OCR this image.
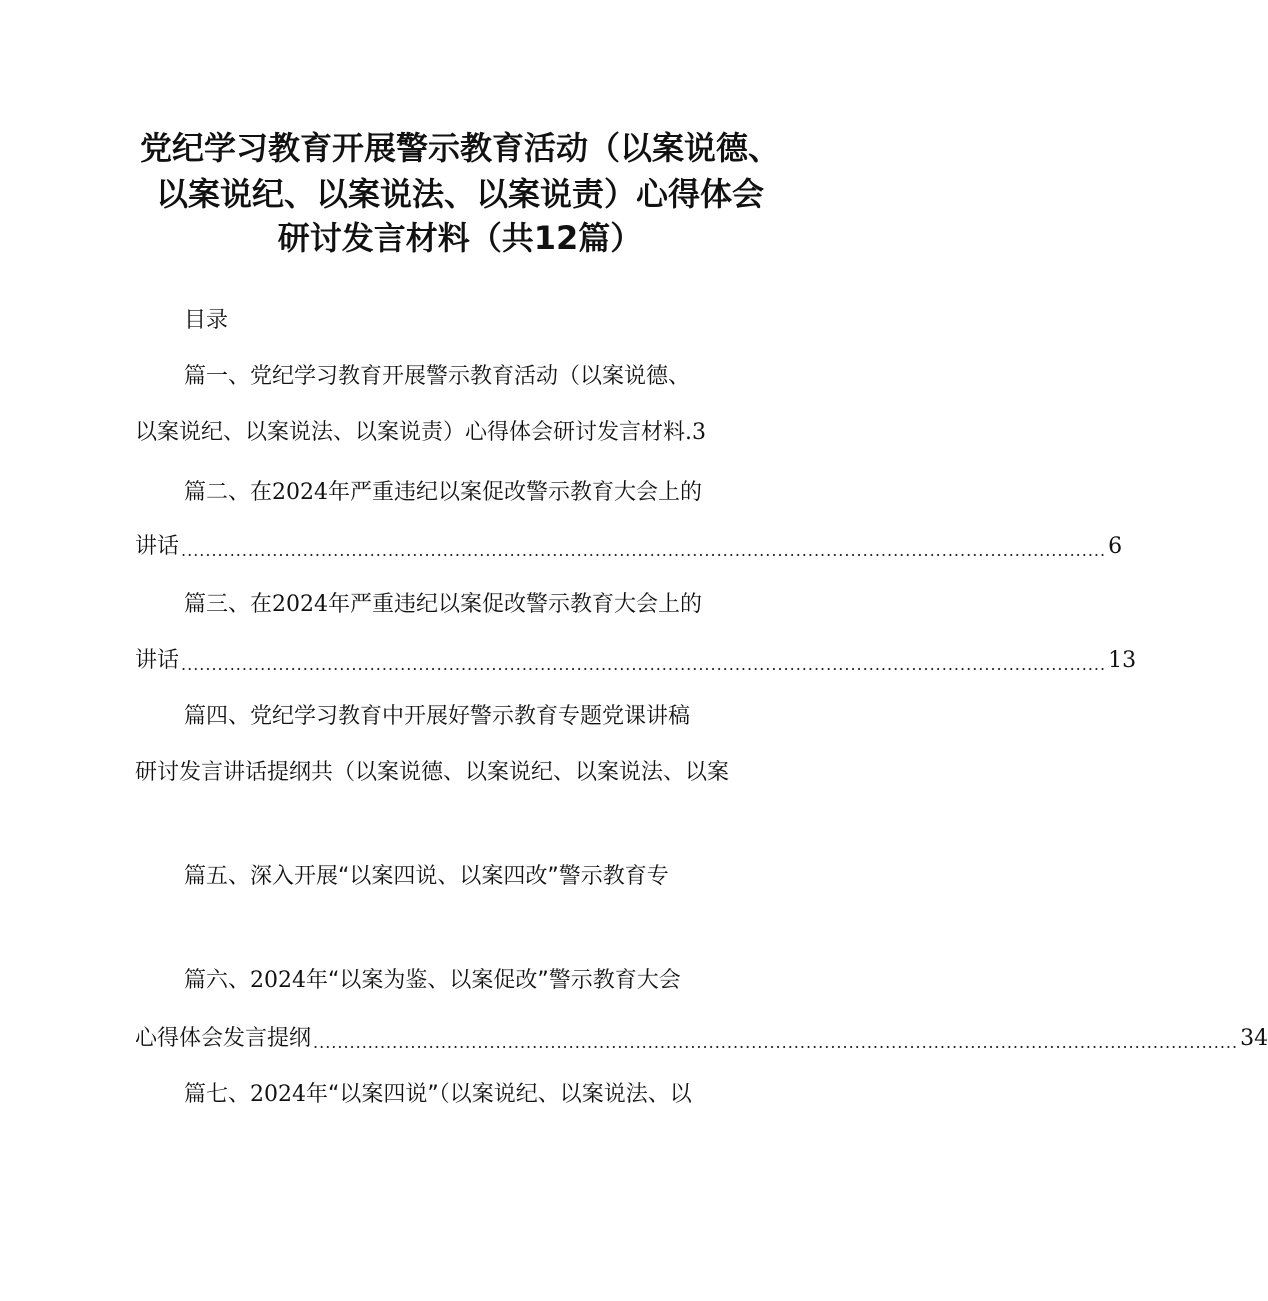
党纪学习教育开展警示教育活动（以案说德、
以案说纪、以案说法、以案说责）心得体会
研讨发言材料（共12篇）
目录
篇一、党纪学习教育开展警示教育活动（以案说德、
以案说纪、以案说法、以案说责）心得体会研讨发言材料.3
篇二、在2024年严重违纪以案促改警示教育大会上的
讲话 ........................................................................................................................................................ 6
篇三、在2024年严重违纪以案促改警示教育大会上的
讲话 ........................................................................................................................................................ 13
篇四、党纪学习教育中开展好警示教育专题党课讲稿
研讨发言讲话提纲共（以案说德、以案说纪、以案说法、以案
篇五、深入开展“以案四说、以案四改”警示教育专
篇六、2024年“以案为鉴、以案促改”警示教育大会
心得体会发言提纲 ........................................................................................................................................................ 34
篇七、2024年“以案四说”（以案说纪、以案说法、以
